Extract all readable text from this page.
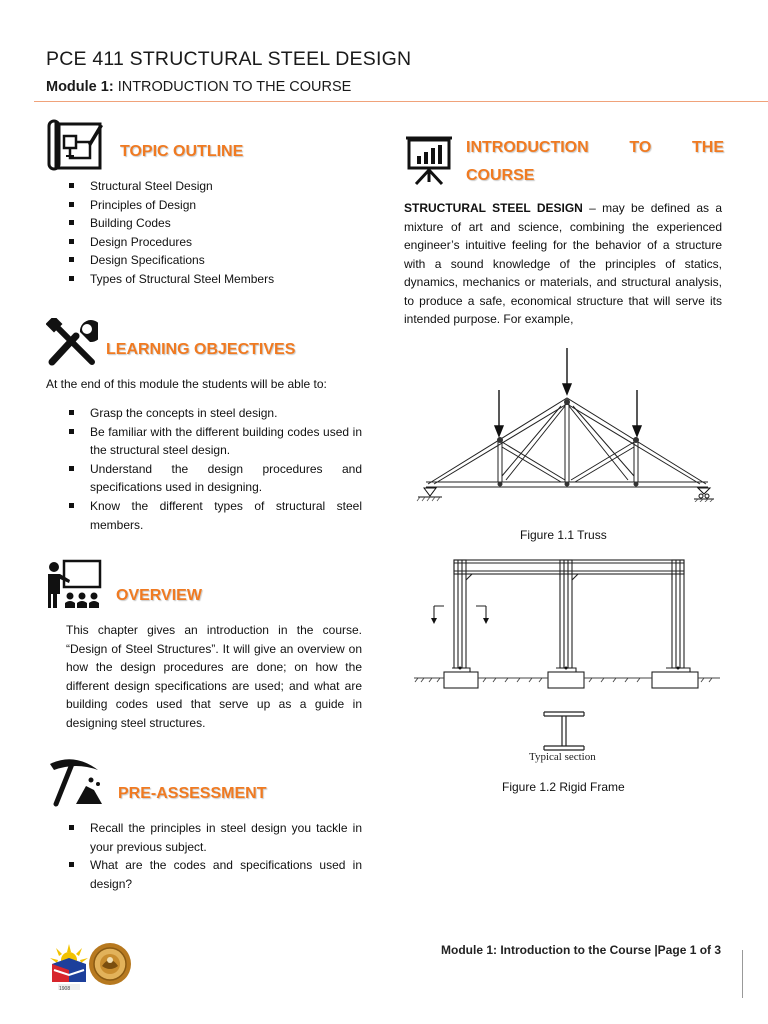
PCE 411 STRUCTURAL STEEL DESIGN
Module 1: INTRODUCTION TO THE COURSE
TOPIC OUTLINE
Structural Steel Design
Principles of Design
Building Codes
Design Procedures
Design Specifications
Types of Structural Steel Members
LEARNING OBJECTIVES
At the end of this module the students will be able to:
Grasp the concepts in steel design.
Be familiar with the different building codes used in the structural steel design.
Understand the design procedures and specifications used in designing.
Know the different types of structural steel members.
OVERVIEW
This chapter gives an introduction in the course. “Design of Steel Structures”. It will give an overview on how the design procedures are done; on how the different design specifications are used; and what are building codes used that serve up as a guide in designing steel structures.
PRE-ASSESSMENT
Recall the principles in steel design you tackle in your previous subject.
What are the codes and specifications used in design?
INTRODUCTION TO THE
COURSE
STRUCTURAL STEEL DESIGN – may be defined as a mixture of art and science, combining the experienced engineer’s intuitive feeling for the behavior of a structure with a sound knowledge of the principles of statics, dynamics, mechanics or materials, and structural analysis, to produce a safe, economical structure that will serve its intended purpose. For example,
Figure 1.1 Truss
Typical section
Figure 1.2 Rigid Frame
1908
Module 1: Introduction to the Course |Page 1 of 3
